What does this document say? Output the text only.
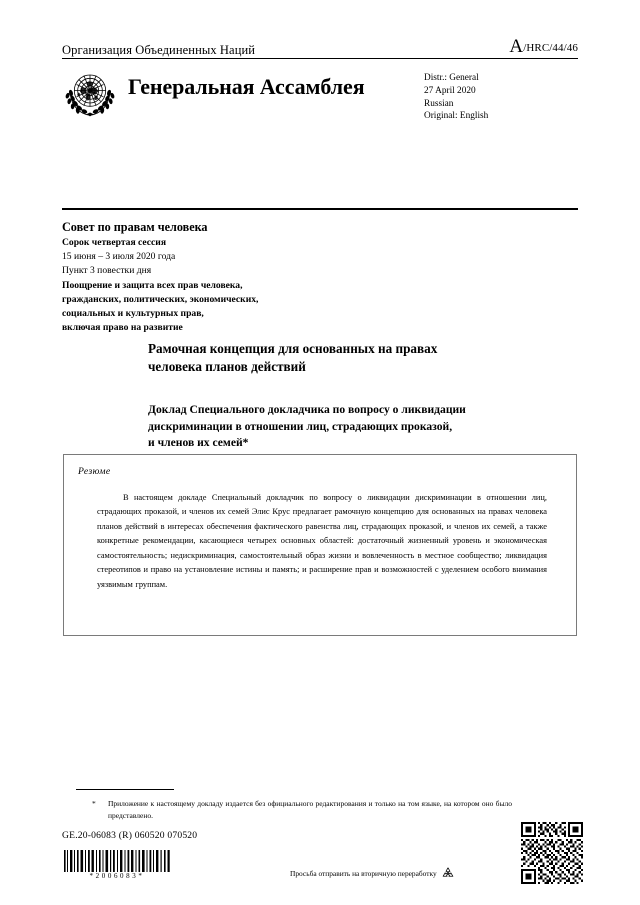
Организация Объединенных Наций	A/HRC/44/46
Генеральная Ассамблея	Distr.: General
27 April 2020
Russian
Original: English
Совет по правам человека
Сорок четвертая сессия
15 июня – 3 июля 2020 года
Пункт 3 повестки дня
Поощрение и защита всех прав человека,
гражданских, политических, экономических,
социальных и культурных прав,
включая право на развитие
Рамочная концепция для основанных на правах
человека планов действий
Доклад Специального докладчика по вопросу о ликвидации
дискриминации в отношении лиц, страдающих проказой,
и членов их семей*
Резюме
В настоящем докладе Специальный докладчик по вопросу о ликвидации дискриминации в отношении лиц, страдающих проказой, и членов их семей Элис Крус предлагает рамочную концепцию для основанных на правах человека планов действий в интересах обеспечения фактического равенства лиц, страдающих проказой, и членов их семей, а также конкретные рекомендации, касающиеся четырех основных областей: достаточный жизненный уровень и экономическая самостоятельность; недискриминация, самостоятельный образ жизни и вовлеченность в местное сообщество; ликвидация стереотипов и право на установление истины и память; и расширение прав и возможностей с уделением особого внимания уязвимым группам.
* Приложение к настоящему докладу издается без официального редактирования и только на том языке, на котором оно было представлено.
GE.20-06083 (R) 060520 070520
*2006083*	Просьба отправить на вторичную переработку
